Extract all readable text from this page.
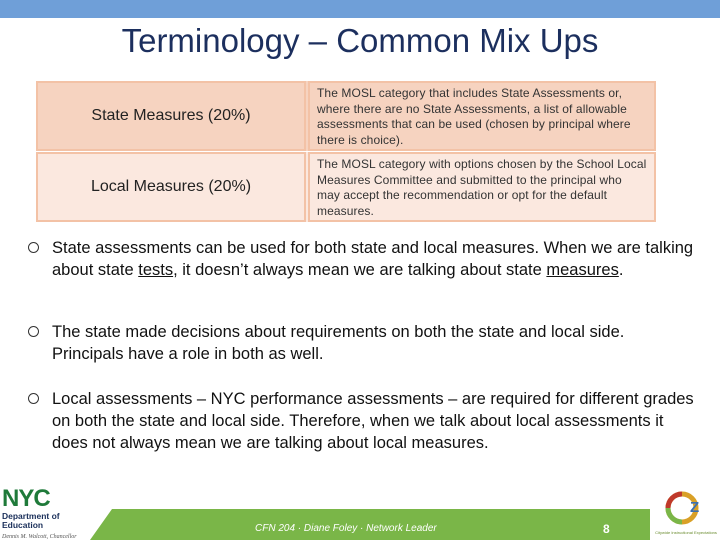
Terminology – Common Mix Ups
State Measures (20%)
The MOSL category that includes State Assessments or, where there are no State Assessments, a list of allowable assessments that can be used (chosen by principal where there is choice).
Local Measures (20%)
The MOSL category with options chosen by the School Local Measures Committee and submitted to the principal who may accept the recommendation or opt for the default measures.
State assessments can be used for both state and local measures. When we are talking about state tests, it doesn’t always mean we are talking about state measures.
The state made decisions about requirements on both the state and local side. Principals have a role in both as well.
Local assessments – NYC performance assessments – are required for different grades on both the state and local side. Therefore, when we talk about local assessments it does not always mean we are talking about local measures.
CFN 204 · Diane Foley · Network Leader	8
NYC
Department of
Education
Dennis M. Walcott, Chancellor
Z
Citywide Instructional Expectations
